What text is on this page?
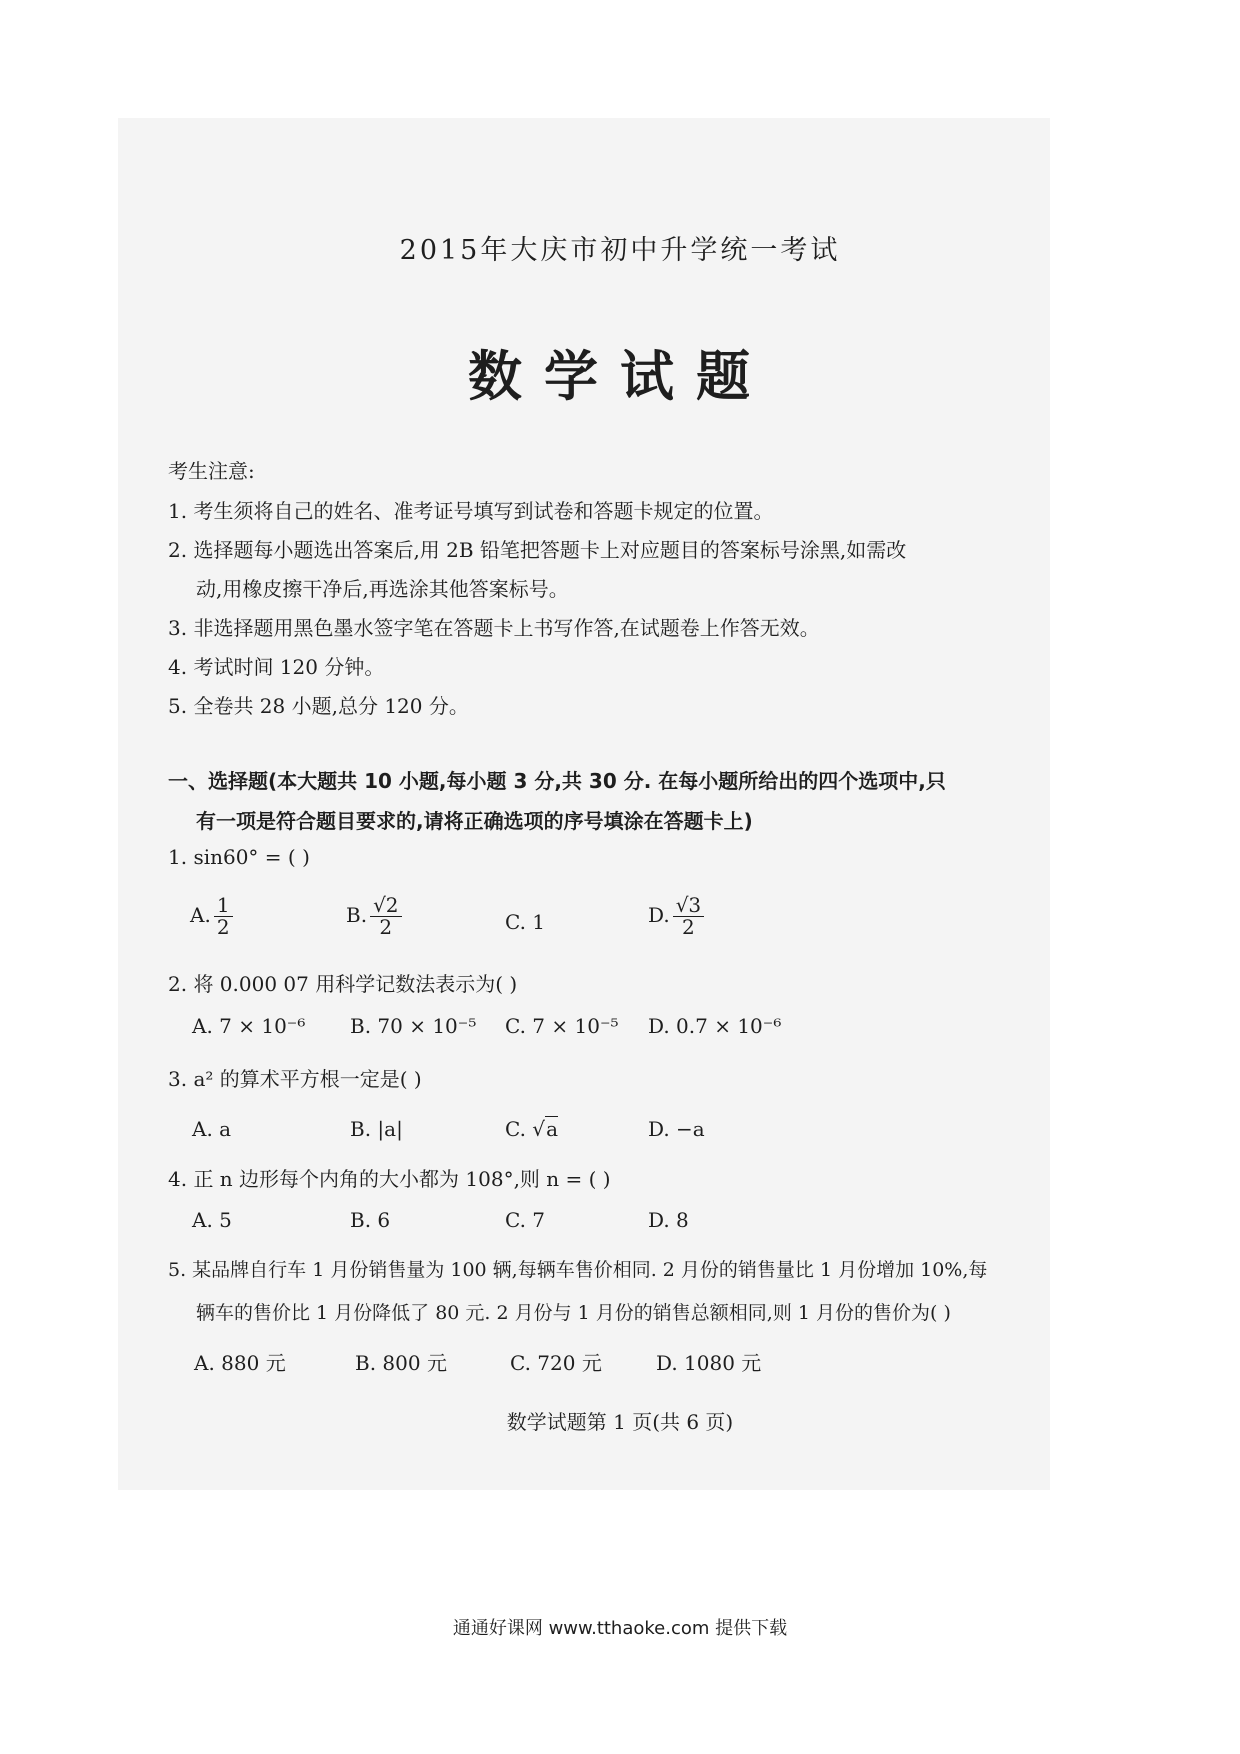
2015年大庆市初中升学统一考试
数学试题
考生注意:
1. 考生须将自己的姓名、准考证号填写到试卷和答题卡规定的位置。
2. 选择题每小题选出答案后,用 2B 铅笔把答题卡上对应题目的答案标号涂黑,如需改
动,用橡皮擦干净后,再选涂其他答案标号。
3. 非选择题用黑色墨水签字笔在答题卡上书写作答,在试题卷上作答无效。
4. 考试时间 120 分钟。
5. 全卷共 28 小题,总分 120 分。
一、选择题(本大题共 10 小题,每小题 3 分,共 30 分. 在每小题所给出的四个选项中,只
有一项是符合题目要求的,请将正确选项的序号填涂在答题卡上)
1. sin60° = ( )
A. $\frac{1}{2}$	B. $\frac{√2}{2}$	C. 1	D. $\frac{√3}{2}$
2. 将 0.000 07 用科学记数法表示为( )
A. 7 × 10⁻⁶ B. 70 × 10⁻⁵ C. 7 × 10⁻⁵ D. 0.7 × 10⁻⁶
3. a² 的算术平方根一定是( )
A. a	B. |a|	C. √a	D. −a
4. 正 n 边形每个内角的大小都为 108°,则 n = ( )
A. 5	B. 6	C. 7	D. 8
5. 某品牌自行车 1 月份销售量为 100 辆,每辆车售价相同. 2 月份的销售量比 1 月份增加 10%,每
辆车的售价比 1 月份降低了 80 元. 2 月份与 1 月份的销售总额相同,则 1 月份的售价为( )
A. 880 元	B. 800 元	C. 720 元	D. 1080 元
数学试题第 1 页(共 6 页)
通通好课网 www.tthaoke.com 提供下载
